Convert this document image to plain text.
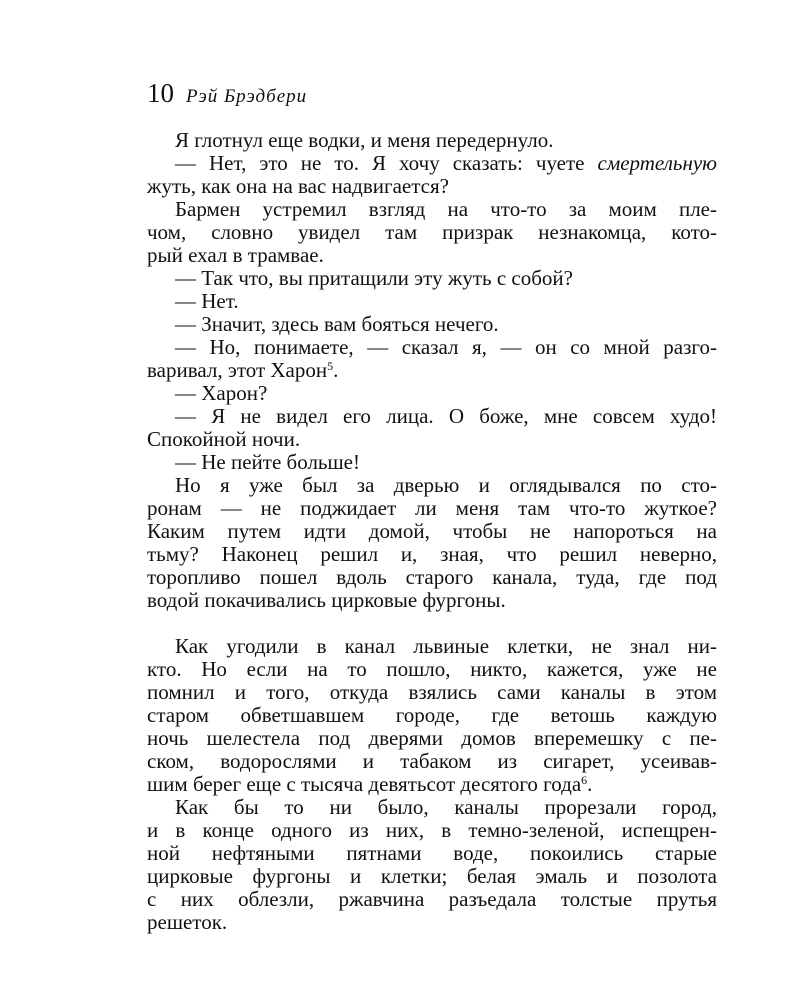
10 Рэй Брэдбери
Я глотнул еще водки, и меня передернуло.
— Нет, это не то. Я хочу сказать: чуете смертельную
жуть, как она на вас надвигается?
Бармен устремил взгляд на что-то за моим пле-
чом, словно увидел там призрак незнакомца, кото-
рый ехал в трамвае.
— Так что, вы притащили эту жуть с собой?
— Нет.
— Значит, здесь вам бояться нечего.
— Но, понимаете, — сказал я, — он со мной разго-
варивал, этот Харон$^5$.
— Харон?
— Я не видел его лица. О боже, мне совсем худо!
Спокойной ночи.
— Не пейте больше!
Но я уже был за дверью и оглядывался по сто-
ронам — не поджидает ли меня там что-то жуткое?
Каким путем идти домой, чтобы не напороться на
тьму? Наконец решил и, зная, что решил неверно,
торопливо пошел вдоль старого канала, туда, где под
водой покачивались цирковые фургоны.
Как угодили в канал львиные клетки, не знал ни-
кто. Но если на то пошло, никто, кажется, уже не
помнил и того, откуда взялись сами каналы в этом
старом обветшавшем городе, где ветошь каждую
ночь шелестела под дверями домов вперемешку с пе-
ском, водорослями и табаком из сигарет, усеивав-
шим берег еще с тысяча девятьсот десятого года$^6$.
Как бы то ни было, каналы прорезали город,
и в конце одного из них, в темно-зеленой, испещрен-
ной нефтяными пятнами воде, покоились старые
цирковые фургоны и клетки; белая эмаль и позолота
с них облезли, ржавчина разъедала толстые прутья
решеток.
